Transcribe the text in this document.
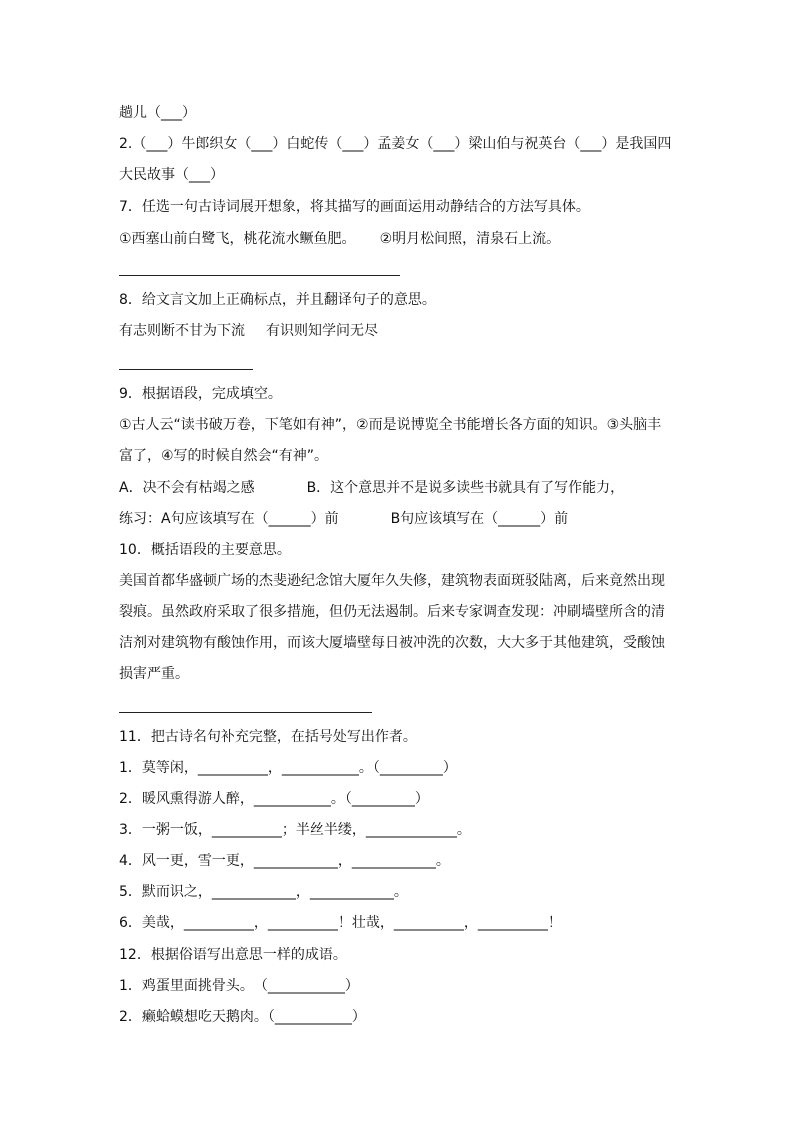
趟儿（___）
2.（___）牛郎织女（___）白蛇传（___）孟姜女（___）梁山伯与祝英台（___）是我国四
大民故事（___）
7．任选一句古诗词展开想象，将其描写的画面运用动静结合的方法写具体。
①西塞山前白鹭飞，桃花流水鳜鱼肥。 ②明月松间照，清泉石上流。
8．给文言文加上正确标点，并且翻译句子的意思。
有志则断不甘为下流 有识则知学问无尽
9．根据语段，完成填空。
①古人云“读书破万卷，下笔如有神”，②而是说博览全书能增长各方面的知识。③头脑丰
富了，④写的时候自然会“有神”。
A．决不会有枯竭之感	B．这个意思并不是说多读些书就具有了写作能力，
练习：A句应该填写在（______）前	B句应该填写在（______）前
10．概括语段的主要意思。
美国首都华盛顿广场的杰斐逊纪念馆大厦年久失修，建筑物表面斑驳陆离，后来竟然出现
裂痕。虽然政府采取了很多措施，但仍无法遏制。后来专家调查发现：冲刷墙壁所含的清
洁剂对建筑物有酸蚀作用，而该大厦墙壁每日被冲洗的次数，大大多于其他建筑，受酸蚀
损害严重。
11．把古诗名句补充完整，在括号处写出作者。
1．莫等闲，__________，___________。（_________）
2．暖风熏得游人醉，___________。（_________）
3．一粥一饭，__________；半丝半缕，_____________。
4．风一更，雪一更，____________，____________。
5．默而识之，____________，____________。
6．美哉，__________，__________！壮哉，__________，__________！
12．根据俗语写出意思一样的成语。
1．鸡蛋里面挑骨头。　（___________）
2．癞蛤蟆想吃天鹅肉。（___________）
